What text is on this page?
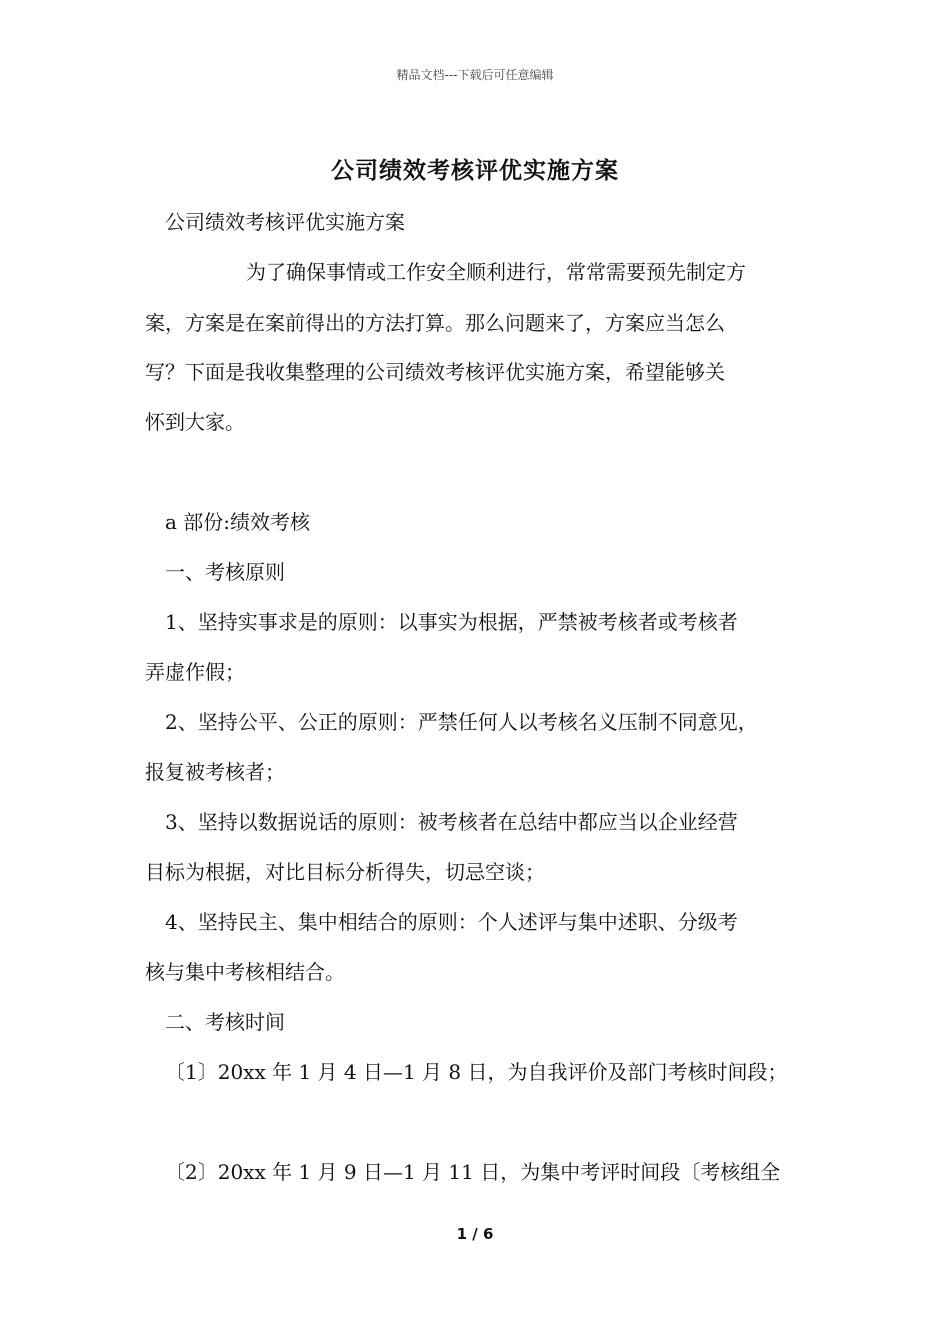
精品文档---下载后可任意编辑
公司绩效考核评优实施方案
公司绩效考核评优实施方案
为了确保事情或工作安全顺利进行，常常需要预先制定方
案，方案是在案前得出的方法打算。那么问题来了，方案应当怎么
写？下面是我收集整理的公司绩效考核评优实施方案，希望能够关
怀到大家。
a 部份:绩效考核
一、考核原则
1、坚持实事求是的原则：以事实为根据，严禁被考核者或考核者
弄虚作假；
2、坚持公平、公正的原则：严禁任何人以考核名义压制不同意见，
报复被考核者；
3、坚持以数据说话的原则：被考核者在总结中都应当以企业经营
目标为根据，对比目标分析得失，切忌空谈；
4、坚持民主、集中相结合的原则：个人述评与集中述职、分级考
核与集中考核相结合。
二、考核时间
〔1〕20xx 年 1 月 4 日—1 月 8 日，为自我评价及部门考核时间段；
〔2〕20xx 年 1 月 9 日—1 月 11 日，为集中考评时间段〔考核组全
1 / 6
